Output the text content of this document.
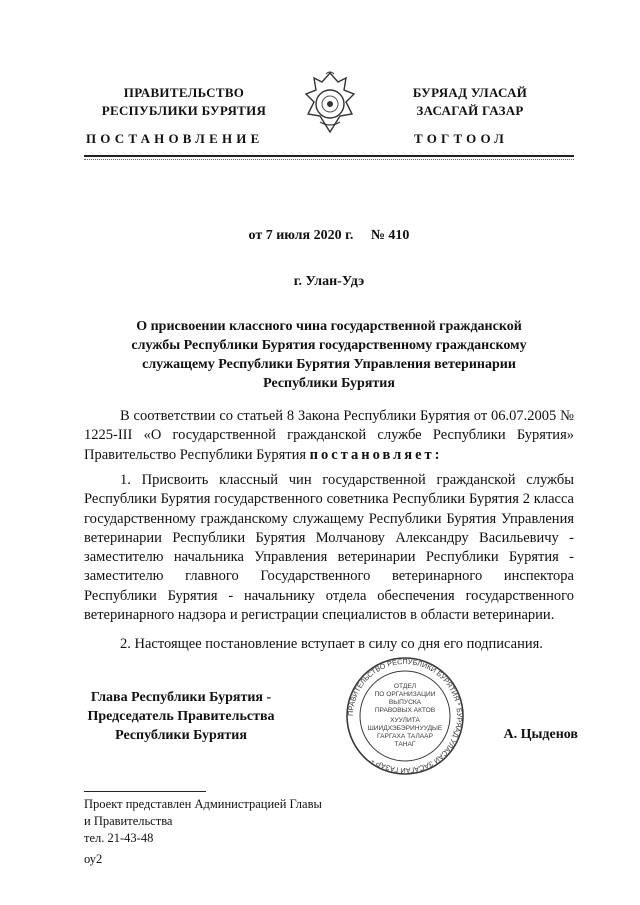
ПРАВИТЕЛЬСТВО
РЕСПУБЛИКИ БУРЯТИЯ
БУРЯАД УЛАСАЙ
ЗАСАГАЙ ГАЗАР
ПОСТАНОВЛЕНИЕ	ТОГТООЛ
от 7 июля 2020 г.     № 410
г. Улан-Удэ
О присвоении классного чина государственной гражданской
службы Республики Бурятия государственному гражданскому
служащему Республики Бурятия Управления ветеринарии
Республики Бурятия
В соответствии со статьей 8 Закона Республики Бурятия от 06.07.2005 № 1225-III «О государственной гражданской службе Республики Бурятия» Правительство Республики Бурятия постановляет:
1. Присвоить классный чин государственной гражданской службы Республики Бурятия государственного советника Республики Бурятия 2 класса государственному гражданскому служащему Республики Бурятия Управления ветеринарии Республики Бурятия Молчанову Александру Васильевичу - заместителю начальника Управления ветеринарии Республики Бурятия - заместителю главного Государственного ветеринарного инспектора Республики Бурятия - начальнику отдела обеспечения государственного ветеринарного надзора и регистрации специалистов в области ветеринарии.
2. Настоящее постановление вступает в силу со дня его подписания.
Глава Республики Бурятия -
Председатель Правительства
Республики Бурятия
ПРАВИТЕЛЬСТВО РЕСПУБЛИКИ БУРЯТИЯ * БУРЯАД УЛАСАЙ ЗАСАГАЙ ГАЗАР *
ОТДЕЛ
ПО ОРГАНИЗАЦИИ
ВЫПУСКА
ПРАВОВЫХ АКТОВ
ХУУЛИТА
ШИИДХЭБЭРИНУУДЫЕ
ГАРГАХА ТАЛААР
ТАНАГ
А. Цыденов
Проект представлен Администрацией Главы
и Правительства
тел. 21-43-48
оу2
